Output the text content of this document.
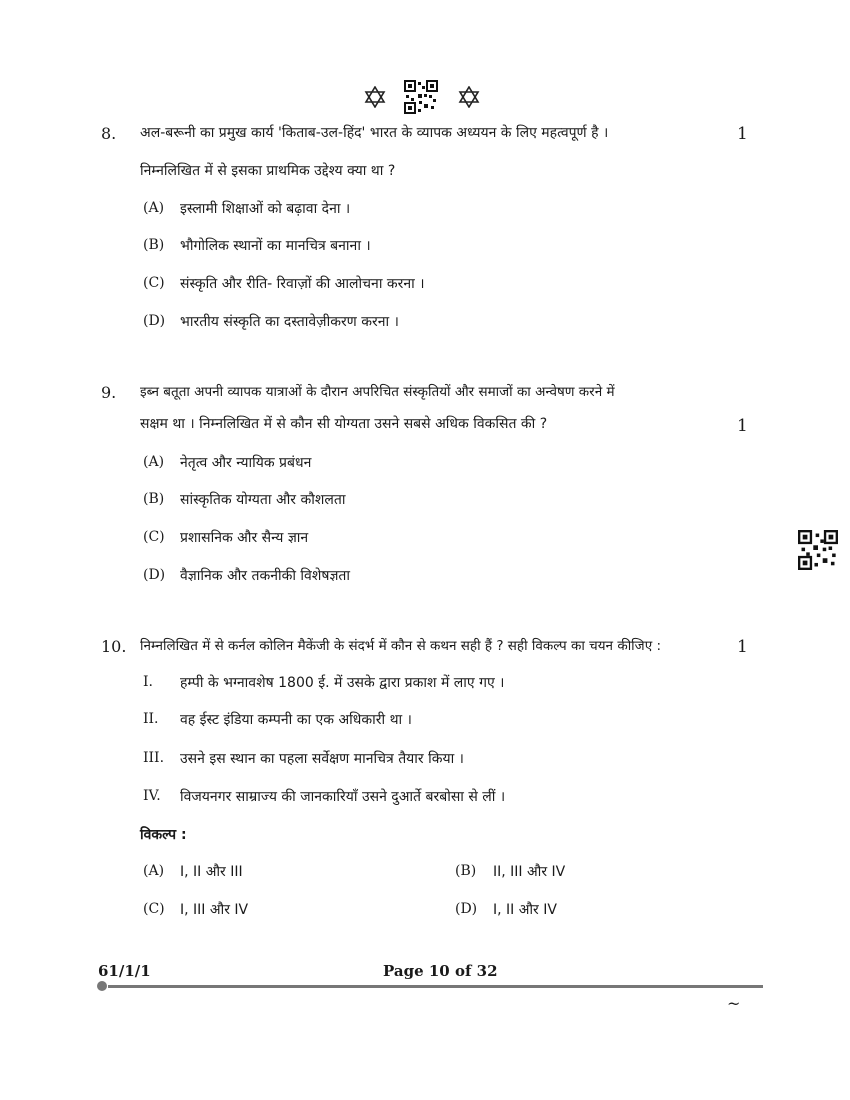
8. अल-बरूनी का प्रमुख कार्य 'किताब-उल-हिंद' भारत के व्यापक अध्ययन के लिए महत्वपूर्ण है ।	1
निम्नलिखित में से इसका प्राथमिक उद्देश्य क्या था ?
(A) इस्लामी शिक्षाओं को बढ़ावा देना ।
(B) भौगोलिक स्थानों का मानचित्र बनाना ।
(C) संस्कृति और रीति- रिवाज़ों की आलोचना करना ।
(D) भारतीय संस्कृति का दस्तावेज़ीकरण करना ।
9. इब्न बतूता अपनी व्यापक यात्राओं के दौरान अपरिचित संस्कृतियों और समाजों का अन्वेषण करने में
सक्षम था । निम्नलिखित में से कौन सी योग्यता उसने सबसे अधिक विकसित की ?	1
(A) नेतृत्व और न्यायिक प्रबंधन
(B) सांस्कृतिक योग्यता और कौशलता
(C) प्रशासनिक और सैन्य ज्ञान
(D) वैज्ञानिक और तकनीकी विशेषज्ञता
10. निम्नलिखित में से कर्नल कोलिन मैकेंजी के संदर्भ में कौन से कथन सही हैं ? सही विकल्प का चयन कीजिए :	1
I. हम्पी के भग्नावशेष 1800 ई. में उसके द्वारा प्रकाश में लाए गए ।
II. वह ईस्ट इंडिया कम्पनी का एक अधिकारी था ।
III. उसने इस स्थान का पहला सर्वेक्षण मानचित्र तैयार किया ।
IV. विजयनगर साम्राज्य की जानकारियाँ उसने दुआर्ते बरबोसा से लीं ।
विकल्प :
(A) I, II और III	(B) II, III और IV
(C) I, III और IV	(D) I, II और IV
61/1/1	Page 10 of 32
~
